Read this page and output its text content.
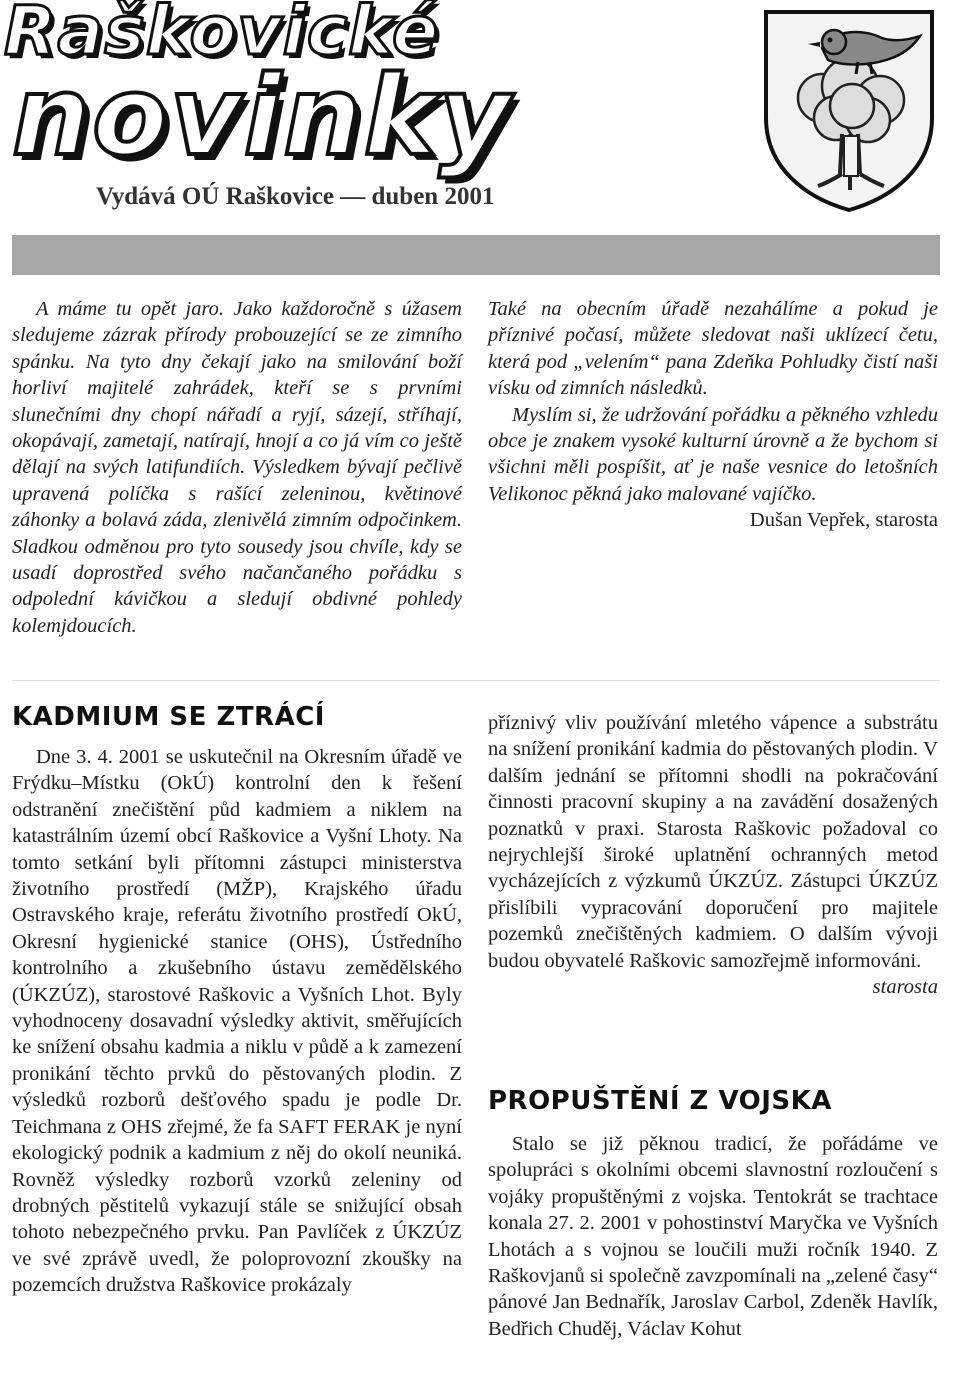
Raškovické
novinky
Vydává OÚ Raškovice — duben 2001

A máme tu opět jaro. Jako každoročně s úžasem sledujeme zázrak přírody probouzející se ze zimního spánku. Na tyto dny čekají jako na smilování boží horliví majitelé zahrádek, kteří se s prvními slunečními dny chopí nářadí a ryjí, sázejí, stříhají, okopávají, zametají, natírají, hnojí a co já vím co ještě dělají na svých latifundiích. Výsledkem bývají pečlivě upravená políčka s rašící zeleninou, květinové záhonky a bolavá záda, zlenivělá zimním odpočinkem. Sladkou odměnou pro tyto sousedy jsou chvíle, kdy se usadí doprostřed svého načančaného pořádku s odpolední kávičkou a sledují obdivné pohledy kolemjdoucích.

Také na obecním úřadě nezahálíme a pokud je příznivé počasí, můžete sledovat naši uklízecí četu, která pod „velením“ pana Zdeňka Pohludky čistí naši vísku od zimních následků.

Myslím si, že udržování pořádku a pěkného vzhledu obce je znakem vysoké kulturní úrovně a že bychom si všichni měli pospíšit, ať je naše vesnice do letošních Velikonoc pěkná jako malované vajíčko.

Dušan Vepřek, starosta

KADMIUM SE ZTRÁCÍ

Dne 3. 4. 2001 se uskutečnil na Okresním úřadě ve Frýdku–Místku (OkÚ) kontrolní den k řešení odstranění znečištění půd kadmiem a niklem na katastrálním území obcí Raškovice a Vyšní Lhoty. Na tomto setkání byli přítomni zástupci ministerstva životního prostředí (MŽP), Krajského úřadu Ostravského kraje, referátu životního prostředí OkÚ, Okresní hygienické stanice (OHS), Ústředního kontrolního a zkušebního ústavu zemědělského (ÚKZÚZ), starostové Raškovic a Vyšních Lhot. Byly vyhodnoceny dosavadní výsledky aktivit, směřujících ke snížení obsahu kadmia a niklu v půdě a k zamezení pronikání těchto prvků do pěstovaných plodin. Z výsledků rozborů dešťového spadu je podle Dr. Teichmana z OHS zřejmé, že fa SAFT FERAK je nyní ekologický podnik a kadmium z něj do okolí neuniká. Rovněž výsledky rozborů vzorků zeleniny od drobných pěstitelů vykazují stále se snižující obsah tohoto nebezpečného prvku. Pan Pavlíček z ÚKZÚZ ve své zprávě uvedl, že poloprovozní zkoušky na pozemcích družstva Raškovice prokázaly

příznivý vliv používání mletého vápence a substrátu na snížení pronikání kadmia do pěstovaných plodin. V dalším jednání se přítomni shodli na pokračování činnosti pracovní skupiny a na zavádění dosažených poznatků v praxi. Starosta Raškovic požadoval co nejrychlejší široké uplatnění ochranných metod vycházejících z výzkumů ÚKZÚZ. Zástupci ÚKZÚZ přislíbili vypracování doporučení pro majitele pozemků znečištěných kadmiem. O dalším vývoji budou obyvatelé Raškovic samozřejmě informováni.

starosta

PROPUŠTĚNÍ Z VOJSKA

Stalo se již pěknou tradicí, že pořádáme ve spolupráci s okolními obcemi slavnostní rozloučení s vojáky propuštěnými z vojska. Tentokrát se trachtace konala 27. 2. 2001 v pohostinství Maryčka ve Vyšních Lhotách a s vojnou se loučili muži ročník 1940. Z Raškovjanů si společně zavzpomínali na „zelené časy“ pánové Jan Bednařík, Jaroslav Carbol, Zdeněk Havlík, Bedřich Chuděj, Václav Kohut
